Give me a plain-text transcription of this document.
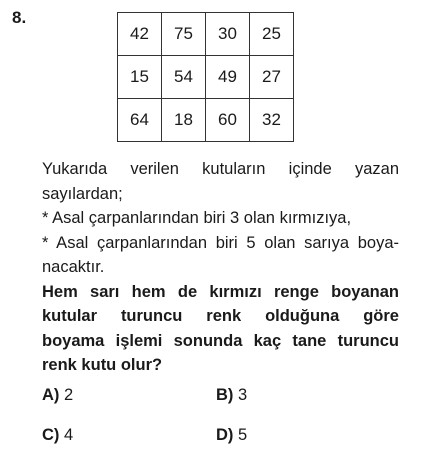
8.
42	75	30	25
15	54	49	27
64	18	60	32

Yukarıda verilen kutuların içinde yazan

sayılardan;

* Asal çarpanlarından biri 3 olan kırmızıya,

* Asal çarpanlarından biri 5 olan sarıya boya-

nacaktır.

Hem sarı hem de kırmızı renge boyanan

kutular turuncu renk olduğuna göre

boyama işlemi sonunda kaç tane turuncu

renk kutu olur?

A) 2	B) 3
C) 4	D) 5
